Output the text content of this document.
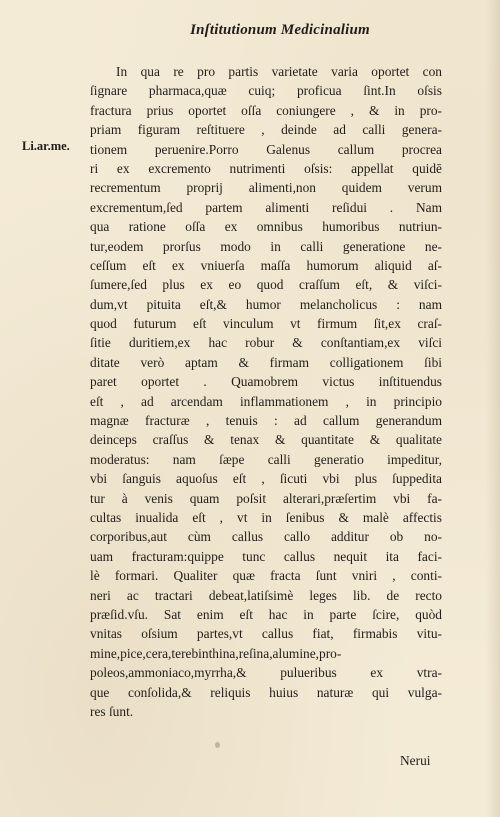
Inſtitutionum Medicinalium
Li.ar.me.
In qua re pro partis varietate varia oportet con
ſignare pharmaca,quæ cuiq; proficua ſint.In oſsis
fractura prius oportet oſſa coniungere , & in pro-
priam figuram reſtituere , deinde ad calli genera-
tionem peruenire.Porro Galenus callum procrea
ri ex excremento nutrimenti oſsis: appellat quidē
recrementum proprij alimenti,non quidem verum
excrementum,ſed partem alimenti reſidui . Nam
qua ratione oſſa ex omnibus humoribus nutriun-
tur,eodem prorſus modo in calli generatione ne-
ceſſum eſt ex vniuerſa maſſa humorum aliquid aſ-
ſumere,ſed plus ex eo quod craſſum eſt, & viſci-
dum,vt pituita eſt,& humor melancholicus : nam
quod futurum eſt vinculum vt firmum ſit,ex craſ-
ſitie duritiem,ex hac robur & conſtantiam,ex viſci
ditate verò aptam & firmam colligationem ſibi
paret oportet . Quamobrem victus inſtituendus
eſt , ad arcendam inflammationem , in principio
magnæ fracturæ , tenuis : ad callum generandum
deinceps craſſus & tenax & quantitate & qualitate
moderatus: nam ſæpe calli generatio impeditur,
vbi ſanguis aquoſus eſt , ſicuti vbi plus ſuppedita
tur à venis quam poſsit alterari,præſertim vbi fa-
cultas inualida eſt , vt in ſenibus & malè affectis
corporibus,aut cùm callus callo additur ob no-
uam fracturam:quippe tunc callus nequit ita faci-
lè formari. Qualiter quæ fracta ſunt vniri , conti-
neri ac tractari debeat,latiſsimè leges lib. de recto
præſid.vſu. Sat enim eſt hac in parte ſcire, quòd
vnitas oſsium partes,vt callus fiat, firmabis vitu-
mine,pice,cera,terebinthina,reſina,alumine,pro-
poleos,ammoniaco,myrrha,& pulueribus ex vtra-
que conſolida,& reliquis huius naturæ qui vulga-
res ſunt.
Nerui
